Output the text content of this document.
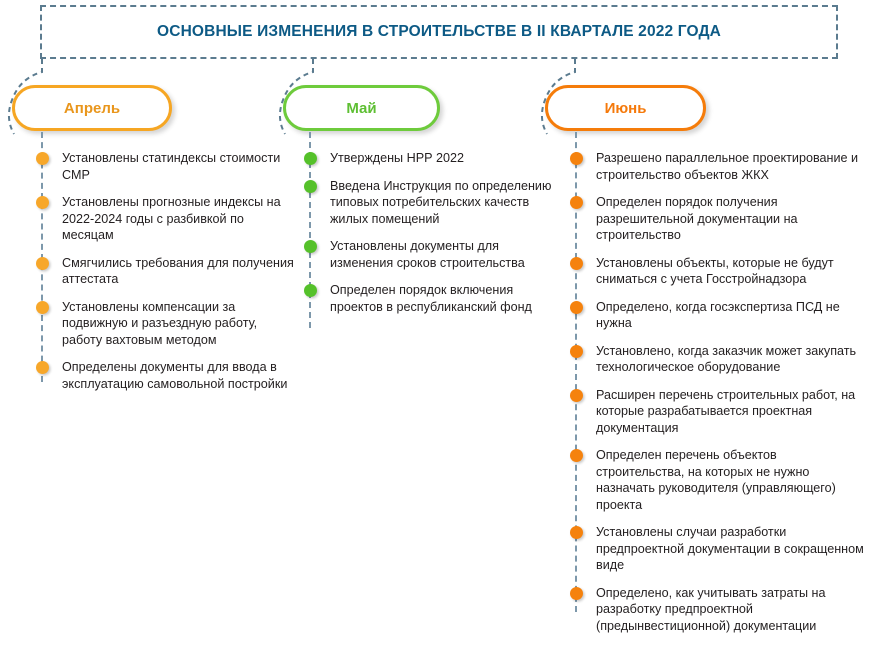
ОСНОВНЫЕ ИЗМЕНЕНИЯ В СТРОИТЕЛЬСТВЕ В II КВАРТАЛЕ 2022 ГОДА
Апрель	Май	Июнь
Установлены статиндексы стоимости СМР
Установлены прогнозные индексы на 2022-2024 годы с разбивкой по месяцам
Смягчились требования для получения аттестата
Установлены компенсации за подвижную и разъездную работу, работу вахтовым методом
Определены документы для ввода в эксплуатацию самовольной постройки
Утверждены НРР 2022
Введена Инструкция по определению типовых потребительских качеств жилых помещений
Установлены документы для изменения сроков строительства
Определен порядок включения проектов в республиканский фонд
Разрешено параллельное проектирование и строительство объектов ЖКХ
Определен порядок получения разрешительной документации на строительство
Установлены объекты, которые не будут сниматься с учета Госстройнадзора
Определено, когда госэкспертиза ПСД не нужна
Установлено, когда заказчик может закупать технологическое оборудование
Расширен перечень строительных работ, на которые разрабатывается проектная документация
Определен перечень объектов строительства, на которых не нужно назначать руководителя (управляющего) проекта
Установлены случаи разработки предпроектной документации в сокращенном виде
Определено, как учитывать затраты на разработку предпроектной (предынвестиционной) документации
